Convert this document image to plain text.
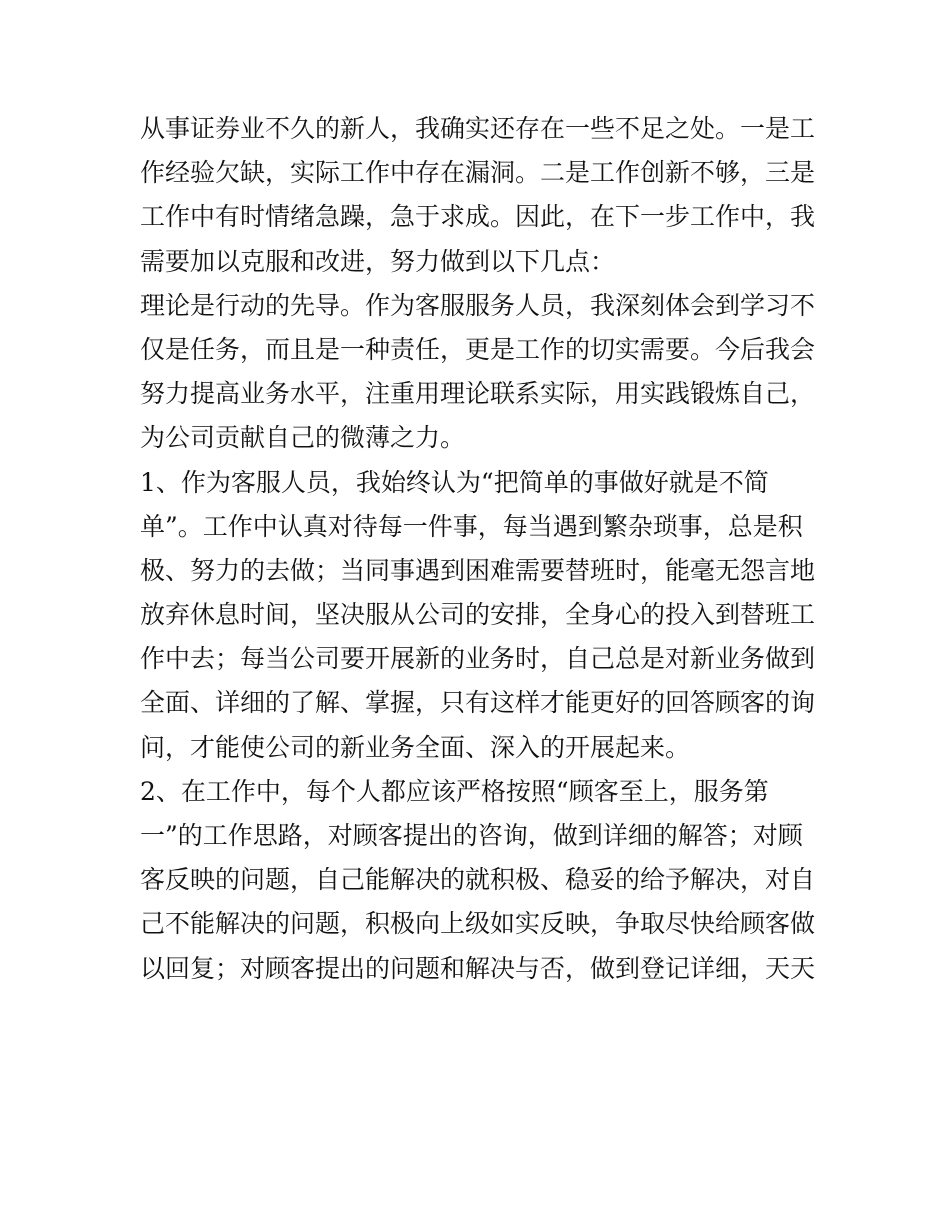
从事证券业不久的新人，我确实还存在一些不足之处。一是工
作经验欠缺，实际工作中存在漏洞。二是工作创新不够，三是
工作中有时情绪急躁，急于求成。因此，在下一步工作中，我
需要加以克服和改进，努力做到以下几点：
理论是行动的先导。作为客服服务人员，我深刻体会到学习不
仅是任务，而且是一种责任，更是工作的切实需要。今后我会
努力提高业务水平，注重用理论联系实际，用实践锻炼自己，
为公司贡献自己的微薄之力。
1、作为客服人员，我始终认为“把简单的事做好就是不简
单”。工作中认真对待每一件事，每当遇到繁杂琐事，总是积
极、努力的去做；当同事遇到困难需要替班时，能毫无怨言地
放弃休息时间，坚决服从公司的安排，全身心的投入到替班工
作中去；每当公司要开展新的业务时，自己总是对新业务做到
全面、详细的了解、掌握，只有这样才能更好的回答顾客的询
问，才能使公司的新业务全面、深入的开展起来。
2、在工作中，每个人都应该严格按照“顾客至上，服务第
一”的工作思路，对顾客提出的咨询，做到详细的解答；对顾
客反映的问题，自己能解决的就积极、稳妥的给予解决，对自
己不能解决的问题，积极向上级如实反映，争取尽快给顾客做
以回复；对顾客提出的问题和解决与否，做到登记详细，天天
